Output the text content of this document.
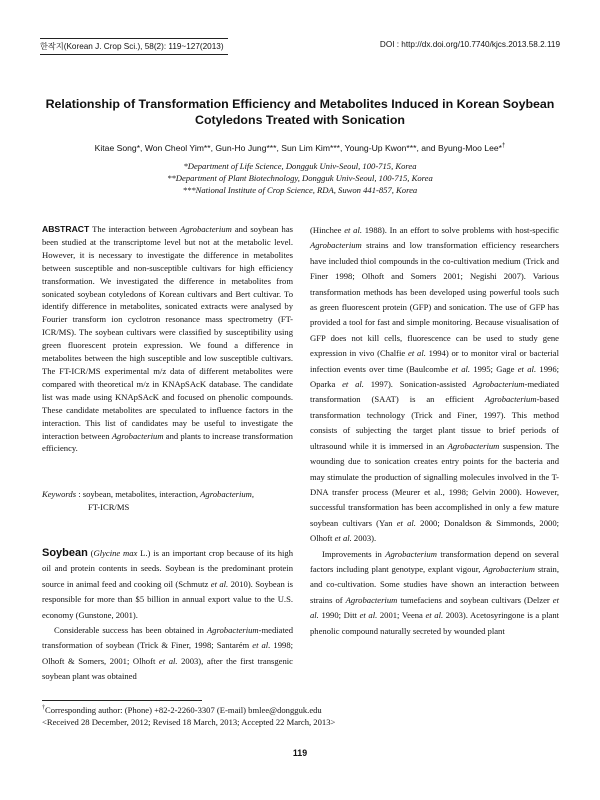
한작지(Korean J. Crop Sci.), 58(2): 119~127(2013)	DOI : http://dx.doi.org/10.7740/kjcs.2013.58.2.119
Relationship of Transformation Efficiency and Metabolites Induced in Korean Soybean
Cotyledons Treated with Sonication
Kitae Song*, Won Cheol Yim**, Gun-Ho Jung***, Sun Lim Kim***, Young-Up Kwon***, and Byung-Moo Lee*†
*Department of Life Science, Dongguk Univ-Seoul, 100-715, Korea
**Department of Plant Biotechnology, Dongguk Univ-Seoul, 100-715, Korea
***National Institute of Crop Science, RDA, Suwon 441-857, Korea
ABSTRACT The interaction between Agrobacterium and soybean has been studied at the transcriptome level but not at the metabolic level. However, it is necessary to investigate the difference in metabolites between susceptible and non-susceptible cultivars for high efficiency transformation. We investigated the difference in metabolites from sonicated soybean cotyledons of Korean cultivars and Bert cultivar. To identify difference in metabolites, sonicated extracts were analysed by Fourier transform ion cyclotron resonance mass spectrometry (FT-ICR/MS). The soybean cultivars were classified by susceptibility using green fluorescent protein expression. We found a difference in metabolites between the high susceptible and low susceptible cultivars. The FT-ICR/MS experimental m/z data of different metabolites were compared with theoretical m/z in KNApSAcK database. The candidate list was made using KNApSAcK and focused on phenolic compounds. These candidate metabolites are speculated to influence factors in the interaction. This list of candidates may be useful to investigate the interaction between Agrobacterium and plants to increase transformation efficiency.
Keywords : soybean, metabolites, interaction, Agrobacterium,
FT-ICR/MS

Soybean (Glycine max L.) is an important crop because of its high oil and protein contents in seeds. Soybean is the predominant protein source in animal feed and cooking oil (Schmutz et al. 2010). Soybean is responsible for more than $5 billion in annual export value to the U.S. economy (Gunstone, 2001).

Considerable success has been obtained in Agrobacterium-mediated transformation of soybean (Trick & Finer, 1998; Santarém et al. 1998; Olhoft & Somers, 2001; Olhoft et al. 2003), after the first transgenic soybean plant was obtained

(Hinchee et al. 1988). In an effort to solve problems with host-specific Agrobacterium strains and low transformation efficiency researchers have included thiol compounds in the co-cultivation medium (Trick and Finer 1998; Olhoft and Somers 2001; Negishi 2007). Various transformation methods has been developed using powerful tools such as green fluorescent protein (GFP) and sonication. The use of GFP has provided a tool for fast and simple monitoring. Because visualisation of GFP does not kill cells, fluorescence can be used to study gene expression in vivo (Chalfie et al. 1994) or to monitor viral or bacterial infection events over time (Baulcombe et al. 1995; Gage et al. 1996; Oparka et al. 1997). Sonication-assisted Agrobacterium-mediated transformation (SAAT) is an efficient Agrobacterium-based transformation technology (Trick and Finer, 1997). This method consists of subjecting the target plant tissue to brief periods of ultrasound while it is immersed in an Agrobacterium suspension. The wounding due to sonication creates entry points for the bacteria and may stimulate the production of signalling molecules involved in the T-DNA transfer process (Meurer et al., 1998; Gelvin 2000). However, successful transformation has been accomplished in only a few mature soybean cultivars (Yan et al. 2000; Donaldson & Simmonds, 2000; Olhoft et al. 2003).

Improvements in Agrobacterium transformation depend on several factors including plant genotype, explant vigour, Agrobacterium strain, and co-cultivation. Some studies have shown an interaction between strains of Agrobacterium tumefaciens and soybean cultivars (Delzer et al. 1990; Ditt et al. 2001; Veena et al. 2003). Acetosyringone is a plant phenolic compound naturally secreted by wounded plant

†Corresponding author: (Phone) +82-2-2260-3307 (E-mail) bmlee@dongguk.edu
<Received 28 December, 2012; Revised 18 March, 2013; Accepted 22 March, 2013>
119
